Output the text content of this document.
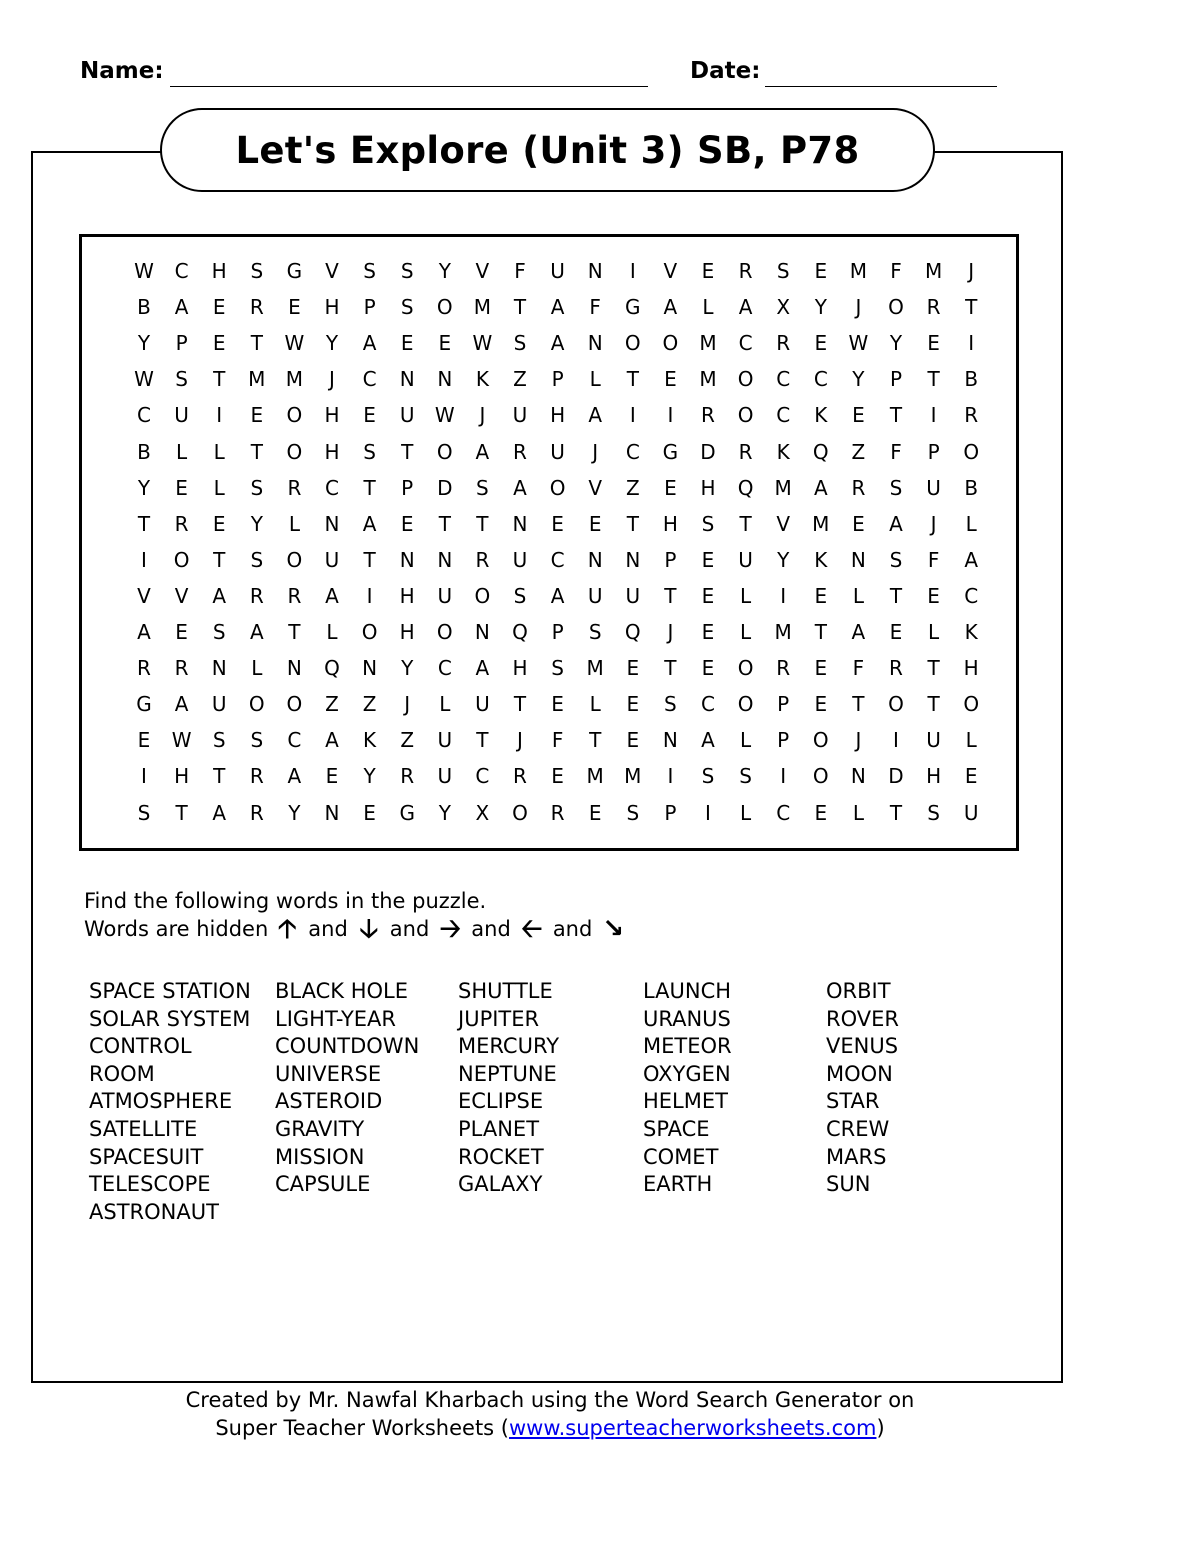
Name:	Date:
Let's Explore (Unit 3) SB, P78
W	C	H	S	G	V	S	S	Y	V	F	U	N	I	V	E	R	S	E	M	F	M	J
B	A	E	R	E	H	P	S	O	M	T	A	F	G	A	L	A	X	Y	J	O	R	T
Y	P	E	T	W	Y	A	E	E	W	S	A	N	O	O	M	C	R	E	W	Y	E	I
W	S	T	M	M	J	C	N	N	K	Z	P	L	T	E	M	O	C	C	Y	P	T	B
C	U	I	E	O	H	E	U	W	J	U	H	A	I	I	R	O	C	K	E	T	I	R
B	L	L	T	O	H	S	T	O	A	R	U	J	C	G	D	R	K	Q	Z	F	P	O
Y	E	L	S	R	C	T	P	D	S	A	O	V	Z	E	H	Q	M	A	R	S	U	B
T	R	E	Y	L	N	A	E	T	T	N	E	E	T	H	S	T	V	M	E	A	J	L
I	O	T	S	O	U	T	N	N	R	U	C	N	N	P	E	U	Y	K	N	S	F	A
V	V	A	R	R	A	I	H	U	O	S	A	U	U	T	E	L	I	E	L	T	E	C
A	E	S	A	T	L	O	H	O	N	Q	P	S	Q	J	E	L	M	T	A	E	L	K
R	R	N	L	N	Q	N	Y	C	A	H	S	M	E	T	E	O	R	E	F	R	T	H
G	A	U	O	O	Z	Z	J	L	U	T	E	L	E	S	C	O	P	E	T	O	T	O
E	W	S	S	C	A	K	Z	U	T	J	F	T	E	N	A	L	P	O	J	I	U	L
I	H	T	R	A	E	Y	R	U	C	R	E	M	M	I	S	S	I	O	N	D	H	E
S	T	A	R	Y	N	E	G	Y	X	O	R	E	S	P	I	L	C	E	L	T	S	U
Find the following words in the puzzle.
Words are hidden 🡡 and 🡣 and 🡢 and 🡠 and ↘
SPACE STATION
SOLAR SYSTEM
CONTROL
ROOM
ATMOSPHERE
SATELLITE
SPACESUIT
TELESCOPE
ASTRONAUT
BLACK HOLE
LIGHT-YEAR
COUNTDOWN
UNIVERSE
ASTEROID
GRAVITY
MISSION
CAPSULE
SHUTTLE
JUPITER
MERCURY
NEPTUNE
ECLIPSE
PLANET
ROCKET
GALAXY
LAUNCH
URANUS
METEOR
OXYGEN
HELMET
SPACE
COMET
EARTH
ORBIT
ROVER
VENUS
MOON
STAR
CREW
MARS
SUN
Created by Mr. Nawfal Kharbach using the Word Search Generator on
Super Teacher Worksheets (www.superteacherworksheets.com)
